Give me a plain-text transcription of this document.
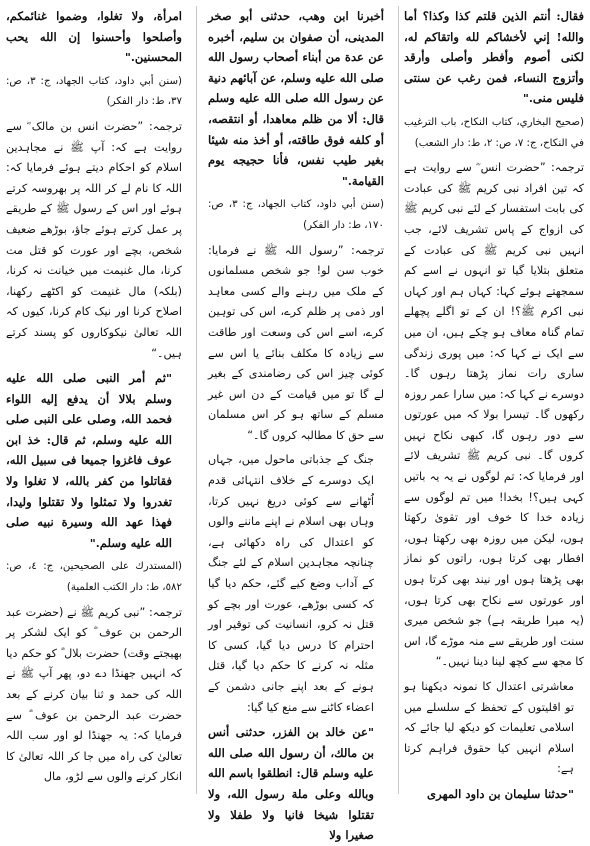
فقال: أنتم الذين قلتم كذا وكذا؟ أما والله! إني لأخشاكم لله واتقاكم له، لكنى أصوم وأفطر وأصلى وأرقد وأتزوج النساء، فمن رغب عن سنتى فليس منى."

(صحيح البخاري، كتاب النكاح، باب الترغيب في النكاح، ج: ٧، ص: ٢، ط: دار الشعب)

ترجمہ: ”حضرت انس ؓ سے روایت ہے کہ تین افراد نبی کریم ﷺ کی عبادت کی بابت استفسار کے لئے نبی کریم ﷺ کی ازواج کے پاس تشریف لائے، جب انہیں نبی کریم ﷺ کی عبادت کے متعلق بتلایا گیا تو انہوں نے اسے کم سمجھتے ہوئے کہا: کہاں ہم اور کہاں نبی اکرم ﷺ؟! ان کے تو اگلے پچھلے تمام گناہ معاف ہو چکے ہیں، ان میں سے ایک نے کہا کہ: میں پوری زندگی ساری رات نماز پڑھتا رہوں گا۔ دوسرے نے کہا کہ: میں سارا عمر روزہ رکھوں گا۔ تیسرا بولا کہ میں عورتوں سے دور رہوں گا، کبھی نکاح نہیں کروں گا۔ نبی کریم ﷺ تشریف لائے اور فرمایا کہ: تم لوگوں نے یہ یہ باتیں کہی ہیں؟! بخدا! میں تم لوگوں سے زیادہ خدا کا خوف اور تقویٰ رکھتا ہوں، لیکن میں روزہ بھی رکھتا ہوں، افطار بھی کرتا ہوں، راتوں کو نماز بھی پڑھتا ہوں اور نیند بھی کرتا ہوں اور عورتوں سے نکاح بھی کرتا ہوں، (یہ میرا طریقہ ہے) جو شخص میری سنت اور طریقے سے منہ موڑے گا، اس کا مجھ سے کچھ لینا دینا نہیں۔“

معاشرتی اعتدال کا نمونہ دیکھنا ہو تو اقلیتوں کے تحفظ کے سلسلے میں اسلامی تعلیمات کو دیکھ لیا جائے کہ اسلام انہیں کیا حقوق فراہم کرتا ہے:

"حدثنا سليمان بن داود المهرى

أخبرنا ابن وهب، حدثنى أبو صخر المدينى، أن صفوان بن سليم، أخبره عن عدة من أبناء أصحاب رسول الله صلى الله عليه وسلم، عن آبائهم دنية عن رسول الله صلى الله عليه وسلم قال: ألا من ظلم معاهدا، أو انتقصه، أو كلفه فوق طاقته، أو أخذ منه شيئا بغير طيب نفس، فأنا حجيجه يوم القيامة."

(سنن أبي داود، كتاب الجهاد، ج: ٣، ص: ١٧٠، ط: دار الفكر)

ترجمہ: ”رسول اللہ ﷺ نے فرمایا: خوب سن لو! جو شخص مسلمانوں کے ملک میں رہنے والے کسی معاہد اور ذمی پر ظلم کرے، اس کی توہین کرے، اسے اس کی وسعت اور طاقت سے زیادہ کا مکلف بنائے یا اس سے کوئی چیز اس کی رضامندی کے بغیر لے گا تو میں قیامت کے دن اس غیر مسلم کے ساتھ ہو کر اس مسلمان سے حق کا مطالبہ کروں گا۔“

جنگ کے جذباتی ماحول میں، جہاں ایک دوسرے کے خلاف انتہائی قدم اُٹھانے سے کوئی دریغ نہیں کرتا، وہاں بھی اسلام نے اپنے ماننے والوں کو اعتدال کی راہ دکھائی ہے، چنانچہ مجاہدین اسلام کے لئے جنگ کے آداب وضع کیے گئے، حکم دیا گیا کہ کسی بوڑھے، عورت اور بچے کو قتل نہ کرو، انسانیت کی توقیر اور احترام کا درس دیا گیا، کسی کا مثلہ نہ کرنے کا حکم دیا گیا، قتل ہونے کے بعد اپنے جانی دشمن کے اعضاء کاٹنے سے منع کیا گیا:

"عن خالد بن الفزر، حدثنى أنس بن مالك، أن رسول الله صلى الله عليه وسلم قال: انطلقوا باسم الله وبالله وعلى ملة رسول الله، ولا تقتلوا شيخا فانيا ولا طفلا ولا صغيرا ولا

امرأة، ولا تغلوا، وضموا غنائمكم، وأصلحوا وأحسنوا إن الله يحب المحسنين."

(سنن أبي داود، كتاب الجهاد، ج: ٣، ص: ٣٧، ط: دار الفكر)

ترجمہ: ”حضرت انس بن مالک ؓ سے روایت ہے کہ: آپ ﷺ نے مجاہدین اسلام کو احکام دیتے ہوئے فرمایا کہ: اللہ کا نام لے کر اللہ پر بھروسہ کرتے ہوئے اور اس کے رسول ﷺ کے طریقے پر عمل کرتے ہوئے جاؤ، بوڑھے ضعیف شخص، بچے اور عورت کو قتل مت کرنا، مال غنیمت میں خیانت نہ کرنا، (بلکہ) مال غنیمت کو اکٹھے رکھنا، اصلاح کرنا اور نیک کام کرنا، کیوں کہ اللہ تعالیٰ نیکوکاروں کو پسند کرتے ہیں۔“

"ثم أمر النبى صلى الله عليه وسلم بلالا أن يدفع إليه اللواء فحمد الله، وصلى على النبى صلى الله عليه وسلم، ثم قال: خذ ابن عوف فاغزوا جميعا فى سبيل الله، فقاتلوا من كفر بالله، لا تغلوا ولا تغدروا ولا تمثلوا ولا تقتلوا وليدا، فهذا عهد الله وسيرة نبيه صلى الله عليه وسلم."

(المستدرك على الصحيحين، ج: ٤، ص: ٥٨٢، ط: دار الكتب العلمية)

ترجمہ: ”نبی کریم ﷺ نے (حضرت عبد الرحمن بن عوف ؓ کو ایک لشکر پر بھیجتے وقت) حضرت بلال ؓ کو حکم دیا کہ انہیں جھنڈا دے دو، پھر آپ ﷺ نے اللہ کی حمد و ثنا بیان کرنے کے بعد حضرت عبد الرحمن بن عوف ؓ سے فرمایا کہ: یہ جھنڈا لو اور سب اللہ تعالیٰ کی راہ میں جا کر اللہ تعالیٰ کا انکار کرنے والوں سے لڑو، مال
